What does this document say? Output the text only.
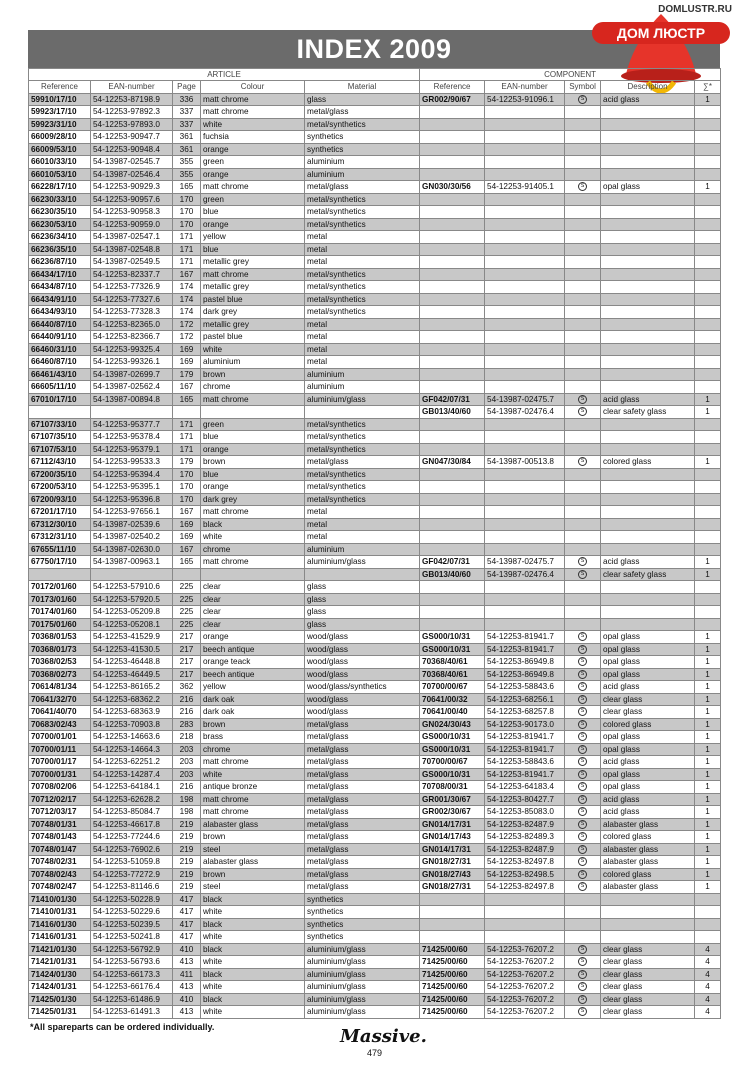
INDEX 2009
DOMLUSTR.RU
ДОМ ЛЮСТР
ARTICLE					COMPONENT				
Reference	EAN-number	Page	Colour	Material	Reference	EAN-number	Symbol	Description	∑*
59910/17/10	54-12253-87198.9	336	matt chrome	glass	GR002/90/67	54-12253-91096.1	S	acid glass	1
59923/17/10	54-12253-97892.3	337	matt chrome	metal/glass					
59923/31/10	54-12253-97893.0	337	white	metal/synthetics					
66009/28/10	54-12253-90947.7	361	fuchsia	synthetics					
66009/53/10	54-12253-90948.4	361	orange	synthetics					
66010/33/10	54-13987-02545.7	355	green	aluminium					
66010/53/10	54-13987-02546.4	355	orange	aluminium					
66228/17/10	54-12253-90929.3	165	matt chrome	metal/glass	GN030/30/56	54-12253-91405.1	S	opal glass	1
66230/33/10	54-12253-90957.6	170	green	metal/synthetics					
66230/35/10	54-12253-90958.3	170	blue	metal/synthetics					
66230/53/10	54-12253-90959.0	170	orange	metal/synthetics					
66236/34/10	54-13987-02547.1	171	yellow	metal					
66236/35/10	54-13987-02548.8	171	blue	metal					
66236/87/10	54-13987-02549.5	171	metallic grey	metal					
66434/17/10	54-12253-82337.7	167	matt chrome	metal/synthetics					
66434/87/10	54-12253-77326.9	174	metallic grey	metal/synthetics					
66434/91/10	54-12253-77327.6	174	pastel blue	metal/synthetics					
66434/93/10	54-12253-77328.3	174	dark grey	metal/synthetics					
66440/87/10	54-12253-82365.0	172	metallic grey	metal					
66440/91/10	54-12253-82366.7	172	pastel blue	metal					
66460/31/10	54-12253-99325.4	169	white	metal					
66460/87/10	54-12253-99326.1	169	aluminium	metal					
66461/43/10	54-13987-02699.7	179	brown	aluminium					
66605/11/10	54-13987-02562.4	167	chrome	aluminium					
67010/17/10	54-13987-00894.8	165	matt chrome	aluminium/glass	GF042/07/31	54-13987-02475.7	S	acid glass	1
					GB013/40/60	54-13987-02476.4	S	clear safety glass	1
67107/33/10	54-12253-95377.7	171	green	metal/synthetics					
67107/35/10	54-12253-95378.4	171	blue	metal/synthetics					
67107/53/10	54-12253-95379.1	171	orange	metal/synthetics					
67112/43/10	54-12253-99533.3	179	brown	metal/glass	GN047/30/84	54-13987-00513.8	S	colored glass	1
67200/35/10	54-12253-95394.4	170	blue	metal/synthetics					
67200/53/10	54-12253-95395.1	170	orange	metal/synthetics					
67200/93/10	54-12253-95396.8	170	dark grey	metal/synthetics					
67201/17/10	54-12253-97656.1	167	matt chrome	metal					
67312/30/10	54-13987-02539.6	169	black	metal					
67312/31/10	54-13987-02540.2	169	white	metal					
67655/11/10	54-13987-02630.0	167	chrome	aluminium					
67750/17/10	54-13987-00963.1	165	matt chrome	aluminium/glass	GF042/07/31	54-13987-02475.7	S	acid glass	1
					GB013/40/60	54-13987-02476.4	S	clear safety glass	1
70172/01/60	54-12253-57910.6	225	clear	glass					
70173/01/60	54-12253-57920.5	225	clear	glass					
70174/01/60	54-12253-05209.8	225	clear	glass					
70175/01/60	54-12253-05208.1	225	clear	glass					
70368/01/53	54-12253-41529.9	217	orange	wood/glass	GS000/10/31	54-12253-81941.7	S	opal glass	1
70368/01/73	54-12253-41530.5	217	beech antique	wood/glass	GS000/10/31	54-12253-81941.7	S	opal glass	1
70368/02/53	54-12253-46448.8	217	orange teack	wood/glass	70368/40/61	54-12253-86949.8	S	opal glass	1
70368/02/73	54-12253-46449.5	217	beech antique	wood/glass	70368/40/61	54-12253-86949.8	S	opal glass	1
70614/81/34	54-12253-86165.2	362	yellow	wood/glass/synthetics	70700/00/67	54-12253-58843.6	S	acid glass	1
70641/32/70	54-12253-68362.2	216	dark oak	wood/glass	70641/00/32	54-12253-68256.1	S	clear glass	1
70641/40/70	54-12253-68363.9	216	dark oak	wood/glass	70641/00/40	54-12253-68257.8	S	clear glass	1
70683/02/43	54-12253-70903.8	283	brown	metal/glass	GN024/30/43	54-12253-90173.0	S	colored glass	1
70700/01/01	54-12253-14663.6	218	brass	metal/glass	GS000/10/31	54-12253-81941.7	S	opal glass	1
70700/01/11	54-12253-14664.3	203	chrome	metal/glass	GS000/10/31	54-12253-81941.7	S	opal glass	1
70700/01/17	54-12253-62251.2	203	matt chrome	metal/glass	70700/00/67	54-12253-58843.6	S	acid glass	1
70700/01/31	54-12253-14287.4	203	white	metal/glass	GS000/10/31	54-12253-81941.7	S	opal glass	1
70708/02/06	54-12253-64184.1	216	antique bronze	metal/glass	70708/00/31	54-12253-64183.4	S	opal glass	1
70712/02/17	54-12253-62628.2	198	matt chrome	metal/glass	GR001/30/67	54-12253-80427.7	S	acid glass	1
70712/03/17	54-12253-85084.7	198	matt chrome	metal/glass	GR002/30/67	54-12253-85083.0	S	acid glass	1
70748/01/31	54-12253-46617.8	219	alabaster glass	metal/glass	GN014/17/31	54-12253-82487.9	S	alabaster glass	1
70748/01/43	54-12253-77244.6	219	brown	metal/glass	GN014/17/43	54-12253-82489.3	S	colored glass	1
70748/01/47	54-12253-76902.6	219	steel	metal/glass	GN014/17/31	54-12253-82487.9	S	alabaster glass	1
70748/02/31	54-12253-51059.8	219	alabaster glass	metal/glass	GN018/27/31	54-12253-82497.8	S	alabaster glass	1
70748/02/43	54-12253-77272.9	219	brown	metal/glass	GN018/27/43	54-12253-82498.5	S	colored glass	1
70748/02/47	54-12253-81146.6	219	steel	metal/glass	GN018/27/31	54-12253-82497.8	S	alabaster glass	1
71410/01/30	54-12253-50228.9	417	black	synthetics					
71410/01/31	54-12253-50229.6	417	white	synthetics					
71416/01/30	54-12253-50239.5	417	black	synthetics					
71416/01/31	54-12253-50241.8	417	white	synthetics					
71421/01/30	54-12253-56792.9	410	black	aluminium/glass	71425/00/60	54-12253-76207.2	S	clear glass	4
71421/01/31	54-12253-56793.6	413	white	aluminium/glass	71425/00/60	54-12253-76207.2	S	clear glass	4
71424/01/30	54-12253-66173.3	411	black	aluminium/glass	71425/00/60	54-12253-76207.2	S	clear glass	4
71424/01/31	54-12253-66176.4	413	white	aluminium/glass	71425/00/60	54-12253-76207.2	S	clear glass	4
71425/01/30	54-12253-61486.9	410	black	aluminium/glass	71425/00/60	54-12253-76207.2	S	clear glass	4
71425/01/31	54-12253-61491.3	413	white	aluminium/glass	71425/00/60	54-12253-76207.2	S	clear glass	4
*All spareparts can be ordered individually.	Massive.
479
